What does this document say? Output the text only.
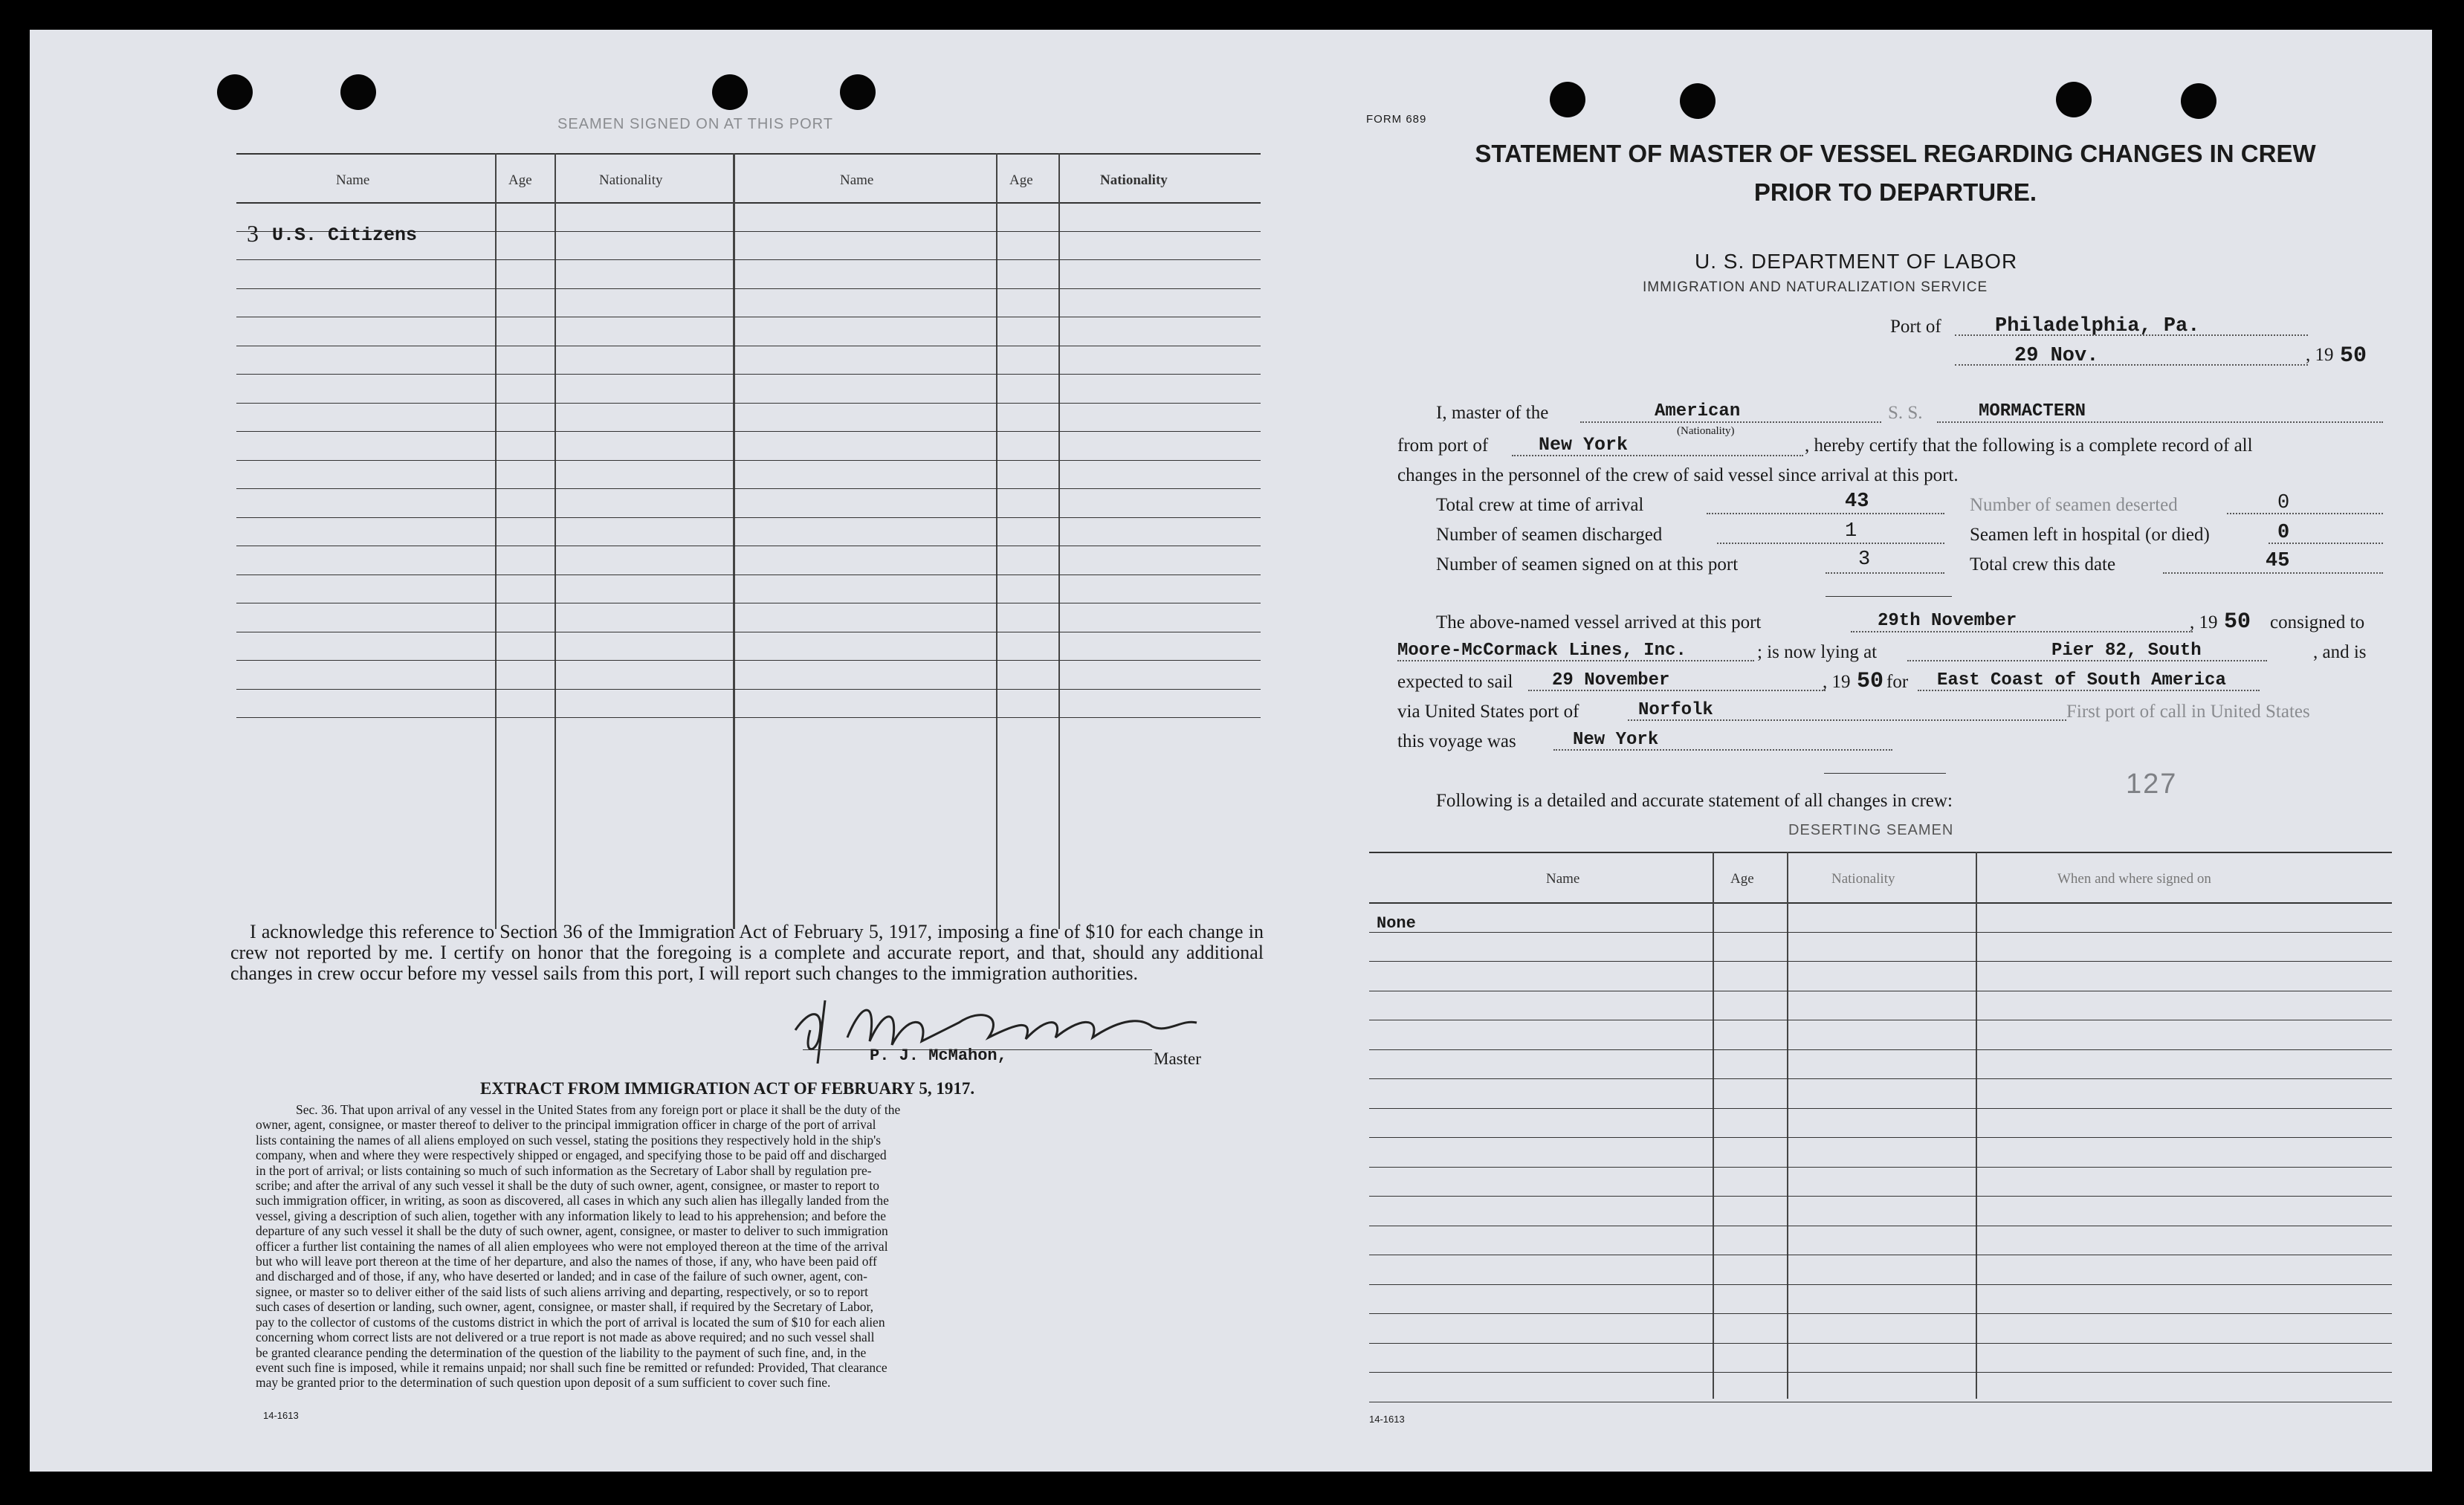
SEAMEN SIGNED ON AT THIS PORT
Name	Age	Nationality	Name	Age	Nationality
3 U.S. Citizens
I acknowledge this reference to Section 36 of the Immigration Act of February 5, 1917, imposing a fine of $10 for each change in crew not reported by me. I certify on honor that the foregoing is a complete and accurate report, and that, should any additional changes in crew occur before my vessel sails from this port, I will report such changes to the immigration authorities.
P. J. McMahon,	Master
EXTRACT FROM IMMIGRATION ACT OF FEBRUARY 5, 1917.
Sec. 36. That upon arrival of any vessel in the United States from any foreign port or place it shall be the duty of the
owner, agent, consignee, or master thereof to deliver to the principal immigration officer in charge of the port of arrival
lists containing the names of all aliens employed on such vessel, stating the positions they respectively hold in the ship's
company, when and where they were respectively shipped or engaged, and specifying those to be paid off and discharged
in the port of arrival; or lists containing so much of such information as the Secretary of Labor shall by regulation pre-
scribe; and after the arrival of any such vessel it shall be the duty of such owner, agent, consignee, or master to report to
such immigration officer, in writing, as soon as discovered, all cases in which any such alien has illegally landed from the
vessel, giving a description of such alien, together with any information likely to lead to his apprehension; and before the
departure of any such vessel it shall be the duty of such owner, agent, consignee, or master to deliver to such immigration
officer a further list containing the names of all alien employees who were not employed thereon at the time of the arrival
but who will leave port thereon at the time of her departure, and also the names of those, if any, who have been paid off
and discharged and of those, if any, who have deserted or landed; and in case of the failure of such owner, agent, con-
signee, or master so to deliver either of the said lists of such aliens arriving and departing, respectively, or so to report
such cases of desertion or landing, such owner, agent, consignee, or master shall, if required by the Secretary of Labor,
pay to the collector of customs of the customs district in which the port of arrival is located the sum of $10 for each alien
concerning whom correct lists are not delivered or a true report is not made as above required; and no such vessel shall
be granted clearance pending the determination of the question of the liability to the payment of such fine, and, in the
event such fine is imposed, while it remains unpaid; nor shall such fine be remitted or refunded: Provided, That clearance
may be granted prior to the determination of such question upon deposit of a sum sufficient to cover such fine.
14-1613
FORM 689
STATEMENT OF MASTER OF VESSEL REGARDING CHANGES IN CREW
PRIOR TO DEPARTURE.
U. S. DEPARTMENT OF LABOR
IMMIGRATION AND NATURALIZATION SERVICE
Port of	Philadelphia, Pa.
29 Nov.	, 19 50
I, master of the	American
(Nationality)
S. S.	MORMACTERN
from port of	New York	, hereby certify that the following is a complete record of all
changes in the personnel of the crew of said vessel since arrival at this port.
Total crew at time of arrival	43	Number of seamen deserted	0
Number of seamen discharged	1	Seamen left in hospital (or died)	0
Number of seamen signed on at this port	3	Total crew this date	45
The above-named vessel arrived at this port	29th November	, 19 50 consigned to
Moore-McCormack Lines, Inc.	; is now lying at	Pier 82, South	, and is
expected to sail 29 November	, 19 50 for East Coast of South America
via United States port of	Norfolk	First port of call in United States
this voyage was	New York
127
Following is a detailed and accurate statement of all changes in crew:
DESERTING SEAMEN
Name	Age	Nationality	When and where signed on
None
14-1613
